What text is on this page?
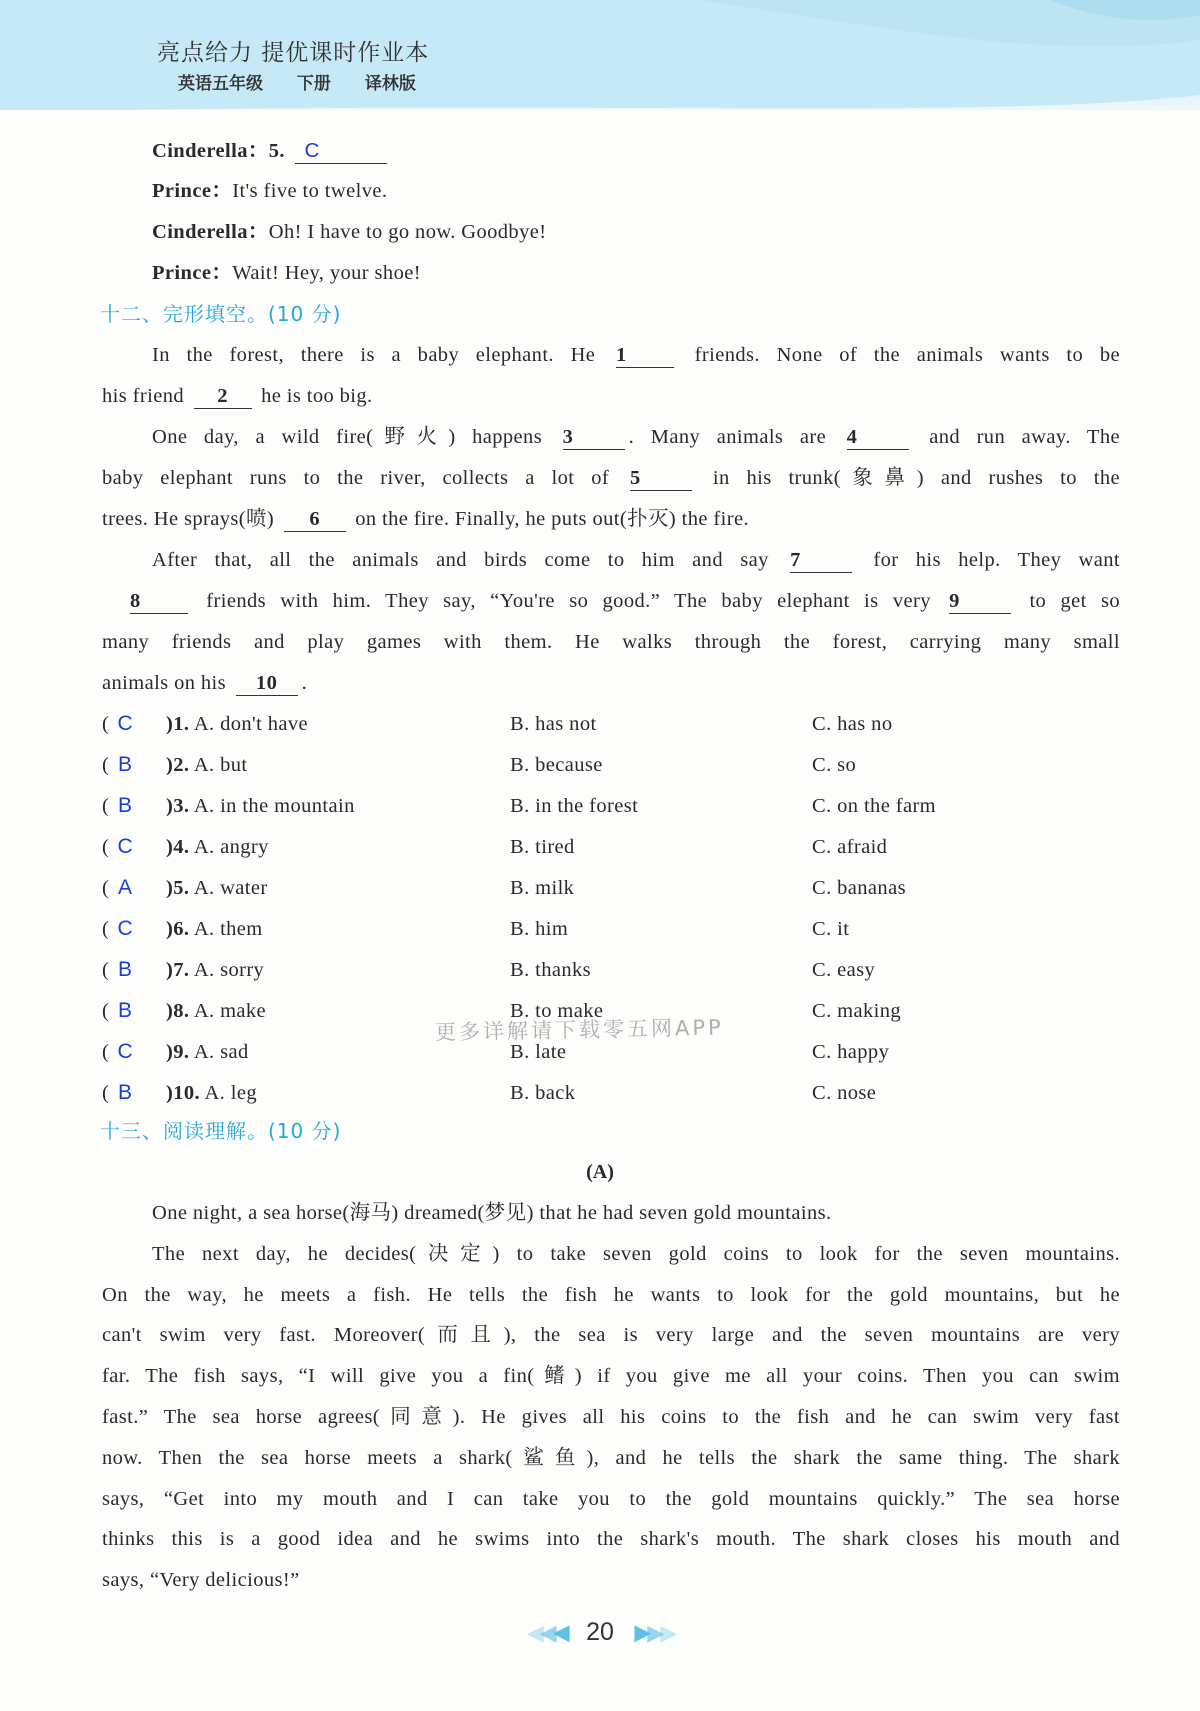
亮点给力 提优课时作业本
英语五年级 下册 译林版
Cinderella：5. C
Prince：It's five to twelve.
Cinderella：Oh! I have to go now. Goodbye!
Prince：Wait! Hey, your shoe!
十二、完形填空。(10 分)
In the forest, there is a baby elephant. He 1	friends. None of the animals wants to be
his friend 2 he is too big.
One day, a wild fire(野火) happens 3	. Many animals are 4	and run away. The
baby elephant runs to the river, collects a lot of 5	in his trunk(象鼻) and rushes to the
trees. He sprays(喷) 6 on the fire. Finally, he puts out(扑灭) the fire.
After that, all the animals and birds come to him and say 7	for his help. They want
8	friends with him. They say, “You're so good.” The baby elephant is very 9	to get so
many friends and play games with them. He walks through the forest, carrying many small
animals on his 10 .
( C	)1. A. don't have	B. has not	C. has no
( B	)2. A. but	B. because	C. so
( B	)3. A. in the mountain	B. in the forest	C. on the farm
( C	)4. A. angry	B. tired	C. afraid
( A	)5. A. water	B. milk	C. bananas
( C	)6. A. them	B. him	C. it
( B	)7. A. sorry	B. thanks	C. easy
( B	)8. A. make	B. to make	C. making
( C	)9. A. sad	B. late	C. happy
( B	)10. A. leg	B. back	C. nose
更多详解请下载零五网APP
十三、阅读理解。(10 分)
(A)
One night, a sea horse(海马) dreamed(梦见) that he had seven gold mountains.
The next day, he decides(决定) to take seven gold coins to look for the seven mountains.
On the way, he meets a fish. He tells the fish he wants to look for the gold mountains, but he
can't swim very fast. Moreover(而且), the sea is very large and the seven mountains are very
far. The fish says, “I will give you a fin(鳍) if you give me all your coins. Then you can swim
fast.” The sea horse agrees(同意). He gives all his coins to the fish and he can swim very fast
now. Then the sea horse meets a shark(鲨鱼), and he tells the shark the same thing. The shark
says, “Get into my mouth and I can take you to the gold mountains quickly.” The sea horse
thinks this is a good idea and he swims into the shark's mouth. The shark closes his mouth and
says, “Very delicious!”
◀◀◀ 20 ▶▶▶
